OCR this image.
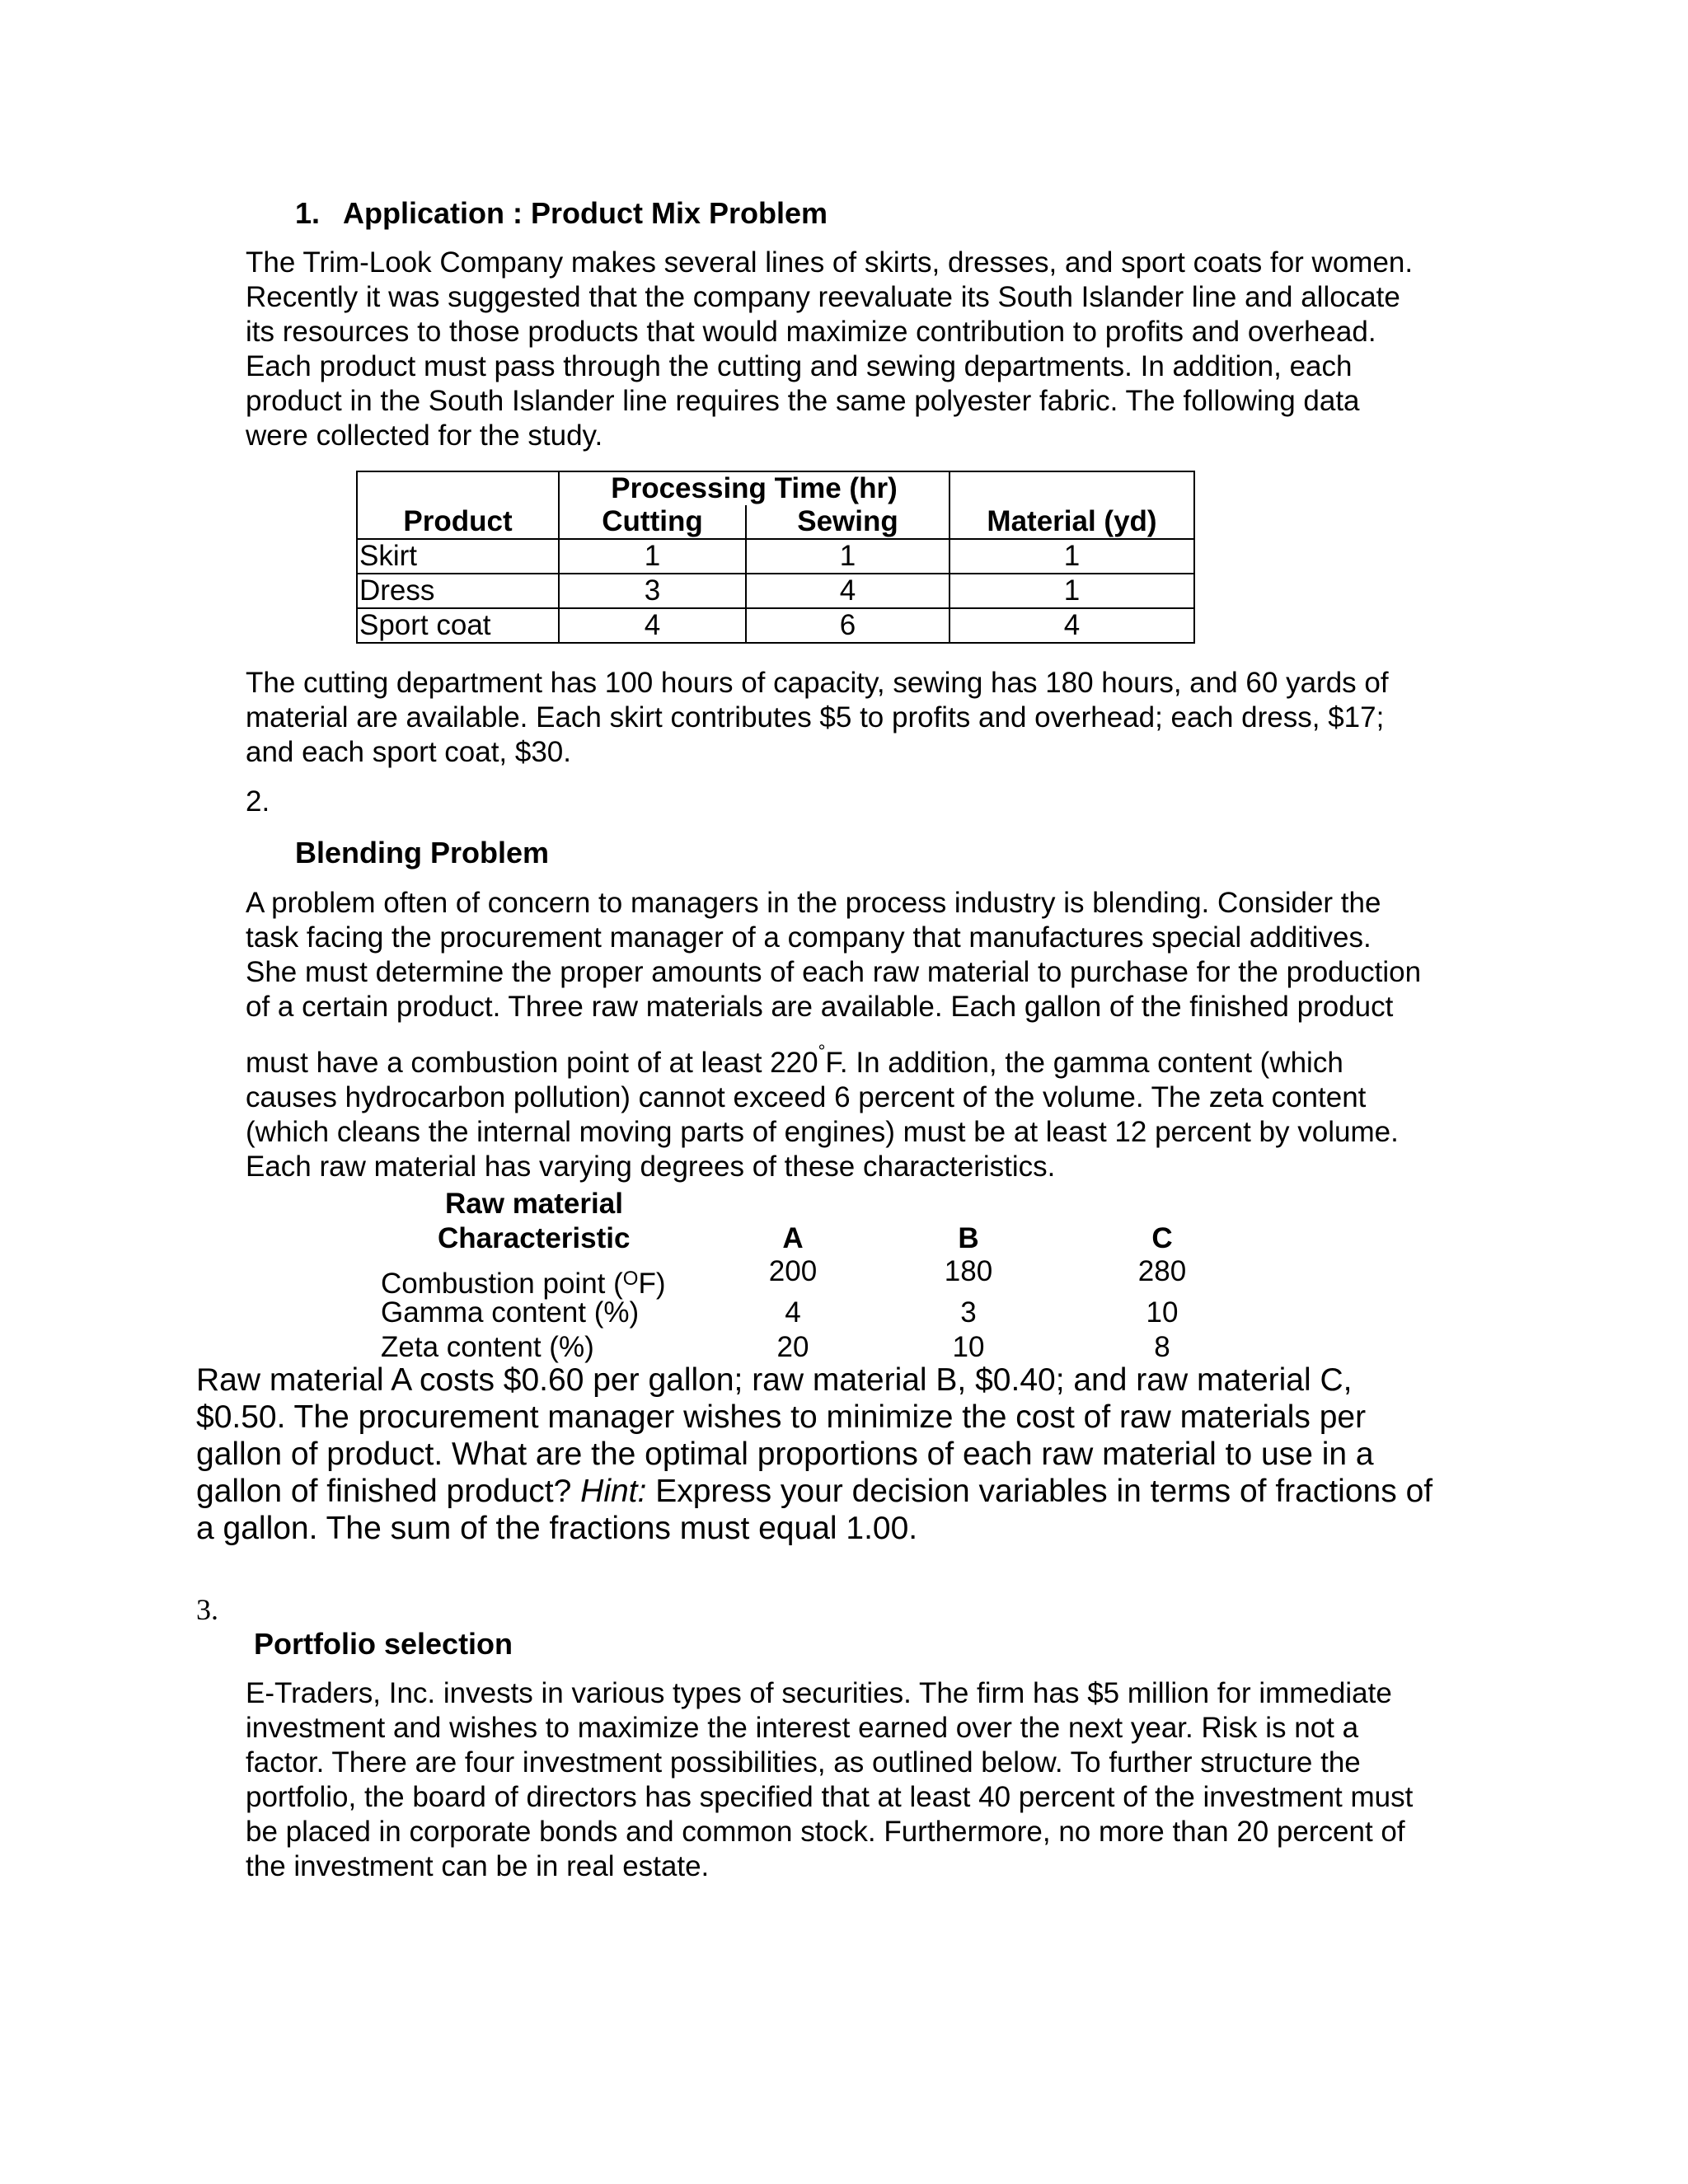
1. Application : Product Mix Problem
The Trim-Look Company makes several lines of skirts, dresses, and sport coats for women.
Recently it was suggested that the company reevaluate its South Islander line and allocate
its resources to those products that would maximize contribution to profits and overhead.
Each product must pass through the cutting and sewing departments. In addition, each
product in the South Islander line requires the same polyester fabric. The following data
were collected for the study.
	Processing Time (hr)		
Product	Cutting	Sewing	Material (yd)
Skirt	1	1	1
Dress	3	4	1
Sport coat	4	6	4
The cutting department has 100 hours of capacity, sewing has 180 hours, and 60 yards of
material are available. Each skirt contributes $5 to profits and overhead; each dress, $17;
and each sport coat, $30.
2.
Blending Problem
A problem often of concern to managers in the process industry is blending. Consider the
task facing the procurement manager of a company that manufactures special additives.
She must determine the proper amounts of each raw material to purchase for the production
of a certain product. Three raw materials are available. Each gallon of the finished product
must have a combustion point of at least 220°F. In addition, the gamma content (which
causes hydrocarbon pollution) cannot exceed 6 percent of the volume. The zeta content
(which cleans the internal moving parts of engines) must be at least 12 percent by volume.
Each raw material has varying degrees of these characteristics.
Raw material
Characteristic	A	B	C
Combustion point ($^O$F)	200	180	280
Gamma content (%)	4	3	10
Zeta content (%)	20	10	8
Raw material A costs $0.60 per gallon; raw material B, $0.40; and raw material C,
$0.50. The procurement manager wishes to minimize the cost of raw materials per
gallon of product. What are the optimal proportions of each raw material to use in a
gallon of finished product? Hint: Express your decision variables in terms of fractions of
a gallon. The sum of the fractions must equal 1.00.
3.
Portfolio selection
E-Traders, Inc. invests in various types of securities. The firm has $5 million for immediate
investment and wishes to maximize the interest earned over the next year. Risk is not a
factor. There are four investment possibilities, as outlined below. To further structure the
portfolio, the board of directors has specified that at least 40 percent of the investment must
be placed in corporate bonds and common stock. Furthermore, no more than 20 percent of
the investment can be in real estate.
